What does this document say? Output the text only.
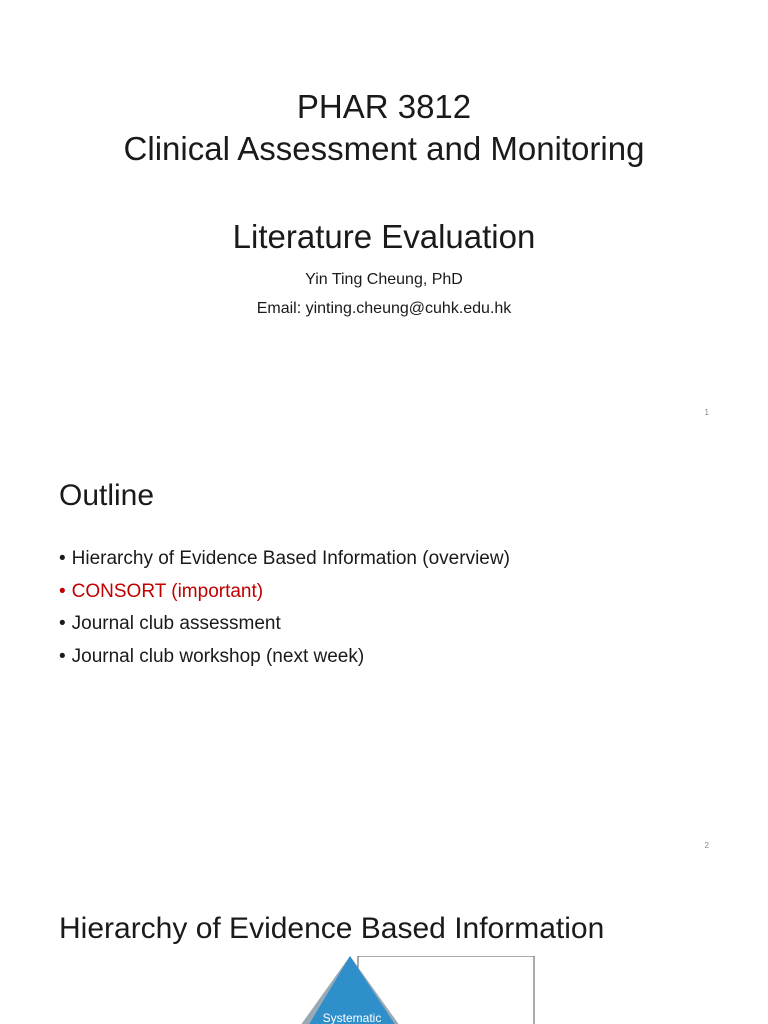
PHAR 3812
Clinical Assessment and Monitoring
Literature Evaluation
Yin Ting Cheung, PhD
Email: yinting.cheung@cuhk.edu.hk
1
Outline
• Hierarchy of Evidence Based Information (overview)
• CONSORT (important)
• Journal club assessment
• Journal club workshop (next week)
2
Hierarchy of Evidence Based Information
Systematic
